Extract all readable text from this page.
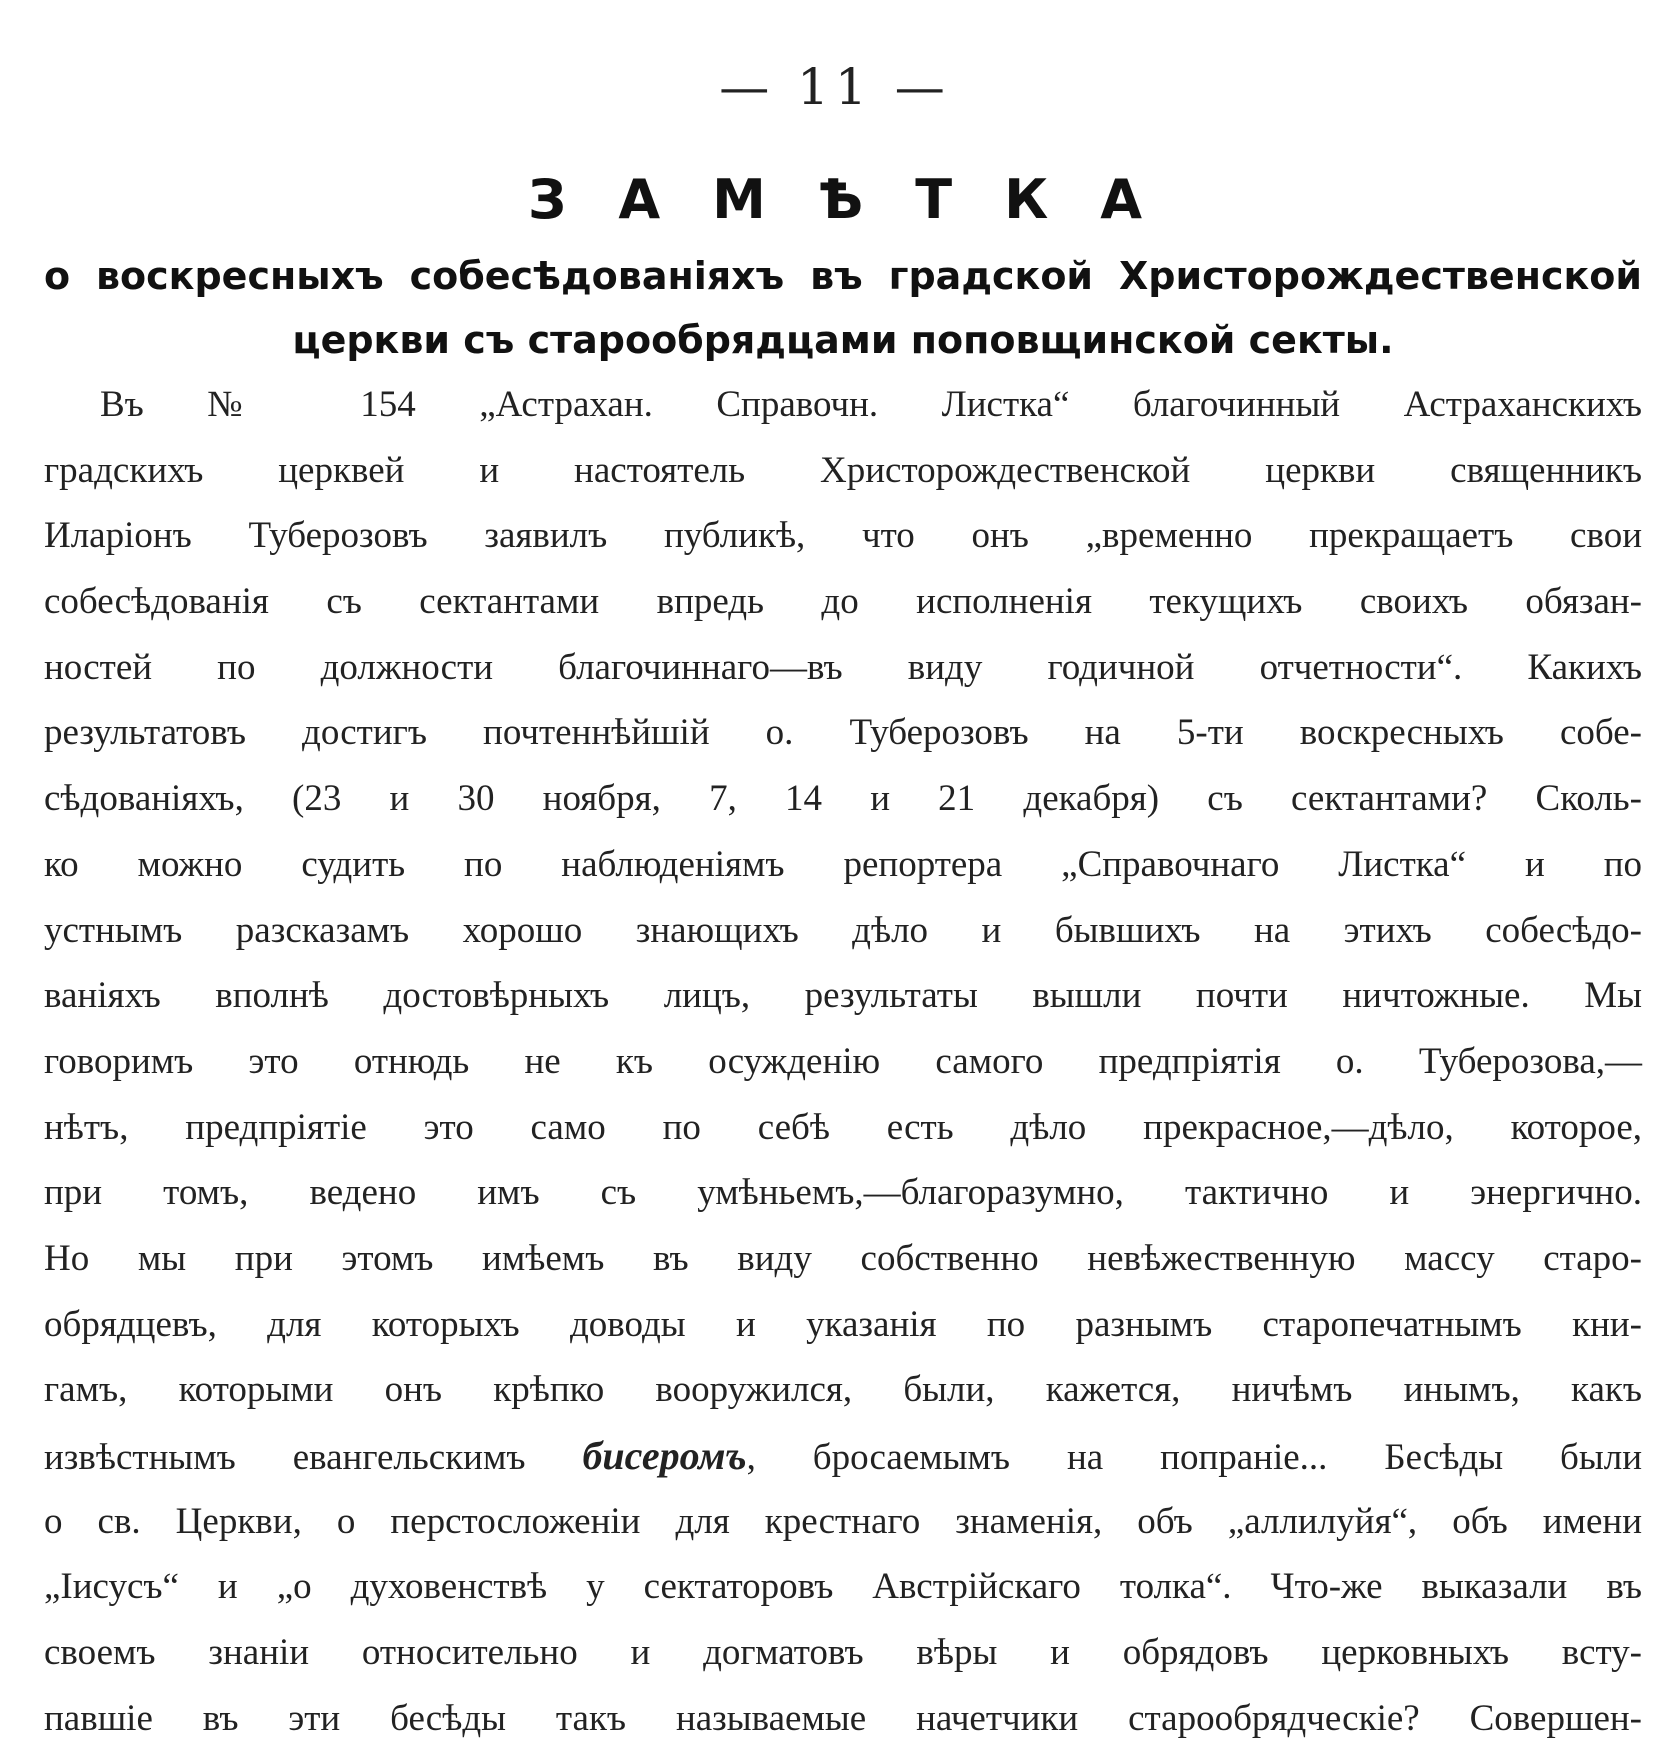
— 11 —
ЗАМѢТКА
о воскресныхъ собесѣдованіяхъ въ градской Христорождественской
церкви съ старообрядцами поповщинской секты.
Въ № 154 „Астрахан. Справочн. Листка“ благочинный Астраханскихъ
градскихъ церквей и настоятель Христорождественской церкви священникъ
Иларіонъ Туберозовъ заявилъ публикѣ, что онъ „временно прекращаетъ свои
собесѣдованія съ сектантами впредь до исполненія текущихъ своихъ обязан-
ностей по должности благочиннаго—въ виду годичной отчетности“. Какихъ
результатовъ достигъ почтеннѣйшій о. Туберозовъ на 5-ти воскресныхъ собе-
сѣдованіяхъ, (23 и 30 ноября, 7, 14 и 21 декабря) съ сектантами? Сколь-
ко можно судить по наблюденіямъ репортера „Справочнаго Листка“ и по
устнымъ разсказамъ хорошо знающихъ дѣло и бывшихъ на этихъ собесѣдо-
ваніяхъ вполнѣ достовѣрныхъ лицъ, результаты вышли почти ничтожные. Мы
говоримъ это отнюдь не къ осужденію самого предпріятія о. Туберозова,—
нѣтъ, предпріятіе это само по себѣ есть дѣло прекрасное,—дѣло, которое,
при томъ, ведено имъ съ умѣньемъ,—благоразумно, тактично и энергично.
Но мы при этомъ имѣемъ въ виду собственно невѣжественную массу старо-
обрядцевъ, для которыхъ доводы и указанія по разнымъ старопечатнымъ кни-
гамъ, которыми онъ крѣпко вооружился, были, кажется, ничѣмъ инымъ, какъ
извѣстнымъ евангельскимъ бисеромъ, бросаемымъ на попраніе... Бесѣды были
о св. Церкви, о перстосложеніи для крестнаго знаменія, объ „аллилуйя“, объ имени
„Іисусъ“ и „о духовенствѣ у сектаторовъ Австрійскаго толка“. Что-же выказали въ
своемъ знаніи относительно и догматовъ вѣры и обрядовъ церковныхъ всту-
павшіе въ эти бесѣды такъ называемые начетчики старообрядческіе? Совершен-
